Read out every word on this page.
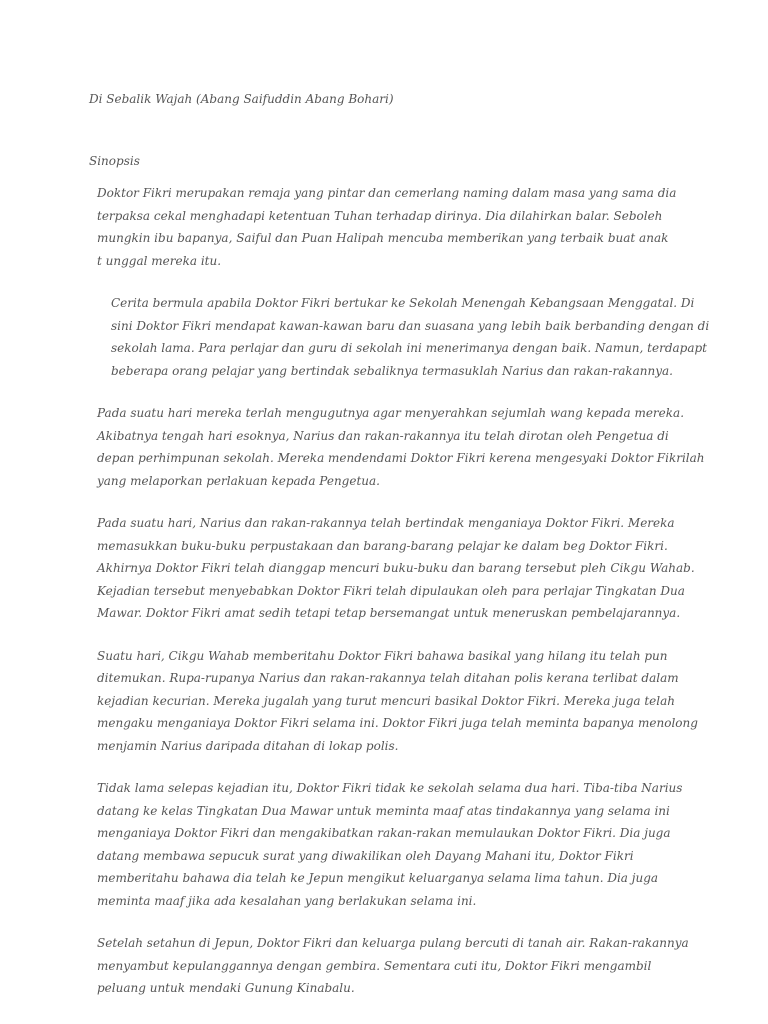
Di Sebalik Wajah (Abang Saifuddin Abang Bohari)
Sinopsis
Doktor Fikri merupakan remaja yang pintar dan cemerlang naming dalam masa yang sama dia
terpaksa cekal menghadapi ketentuan Tuhan terhadap dirinya. Dia dilahirkan balar. Seboleh
mungkin ibu bapanya, Saiful dan Puan Halipah mencuba memberikan yang terbaik buat anak
t unggal mereka itu.
Cerita bermula apabila Doktor Fikri bertukar ke Sekolah Menengah Kebangsaan Menggatal. Di
sini Doktor Fikri mendapat kawan-kawan baru dan suasana yang lebih baik berbanding dengan di
sekolah lama. Para perlajar dan guru di sekolah ini menerimanya dengan baik. Namun, terdapapt
beberapa orang pelajar yang bertindak sebaliknya termasuklah Narius dan rakan-rakannya.
Pada suatu hari mereka terlah mengugutnya agar menyerahkan sejumlah wang kepada mereka.
Akibatnya tengah hari esoknya, Narius dan rakan-rakannya itu telah dirotan oleh Pengetua di
depan perhimpunan sekolah. Mereka mendendami Doktor Fikri kerena mengesyaki Doktor Fikrilah
yang melaporkan perlakuan kepada Pengetua.
Pada suatu hari, Narius dan rakan-rakannya telah bertindak menganiaya Doktor Fikri. Mereka
memasukkan buku-buku perpustakaan dan barang-barang pelajar ke dalam beg Doktor Fikri.
Akhirnya Doktor Fikri telah dianggap mencuri buku-buku dan barang tersebut pleh Cikgu Wahab.
Kejadian tersebut menyebabkan Doktor Fikri telah dipulaukan oleh para perlajar Tingkatan Dua
Mawar. Doktor Fikri amat sedih tetapi tetap bersemangat untuk meneruskan pembelajarannya.
Suatu hari, Cikgu Wahab memberitahu Doktor Fikri bahawa basikal yang hilang itu telah pun
ditemukan. Rupa-rupanya Narius dan rakan-rakannya telah ditahan polis kerana terlibat dalam
kejadian kecurian. Mereka jugalah yang turut mencuri basikal Doktor Fikri. Mereka juga telah
mengaku menganiaya Doktor Fikri selama ini. Doktor Fikri juga telah meminta bapanya menolong
menjamin Narius daripada ditahan di lokap polis.
Tidak lama selepas kejadian itu, Doktor Fikri tidak ke sekolah selama dua hari. Tiba-tiba Narius
datang ke kelas Tingkatan Dua Mawar untuk meminta maaf atas tindakannya yang selama ini
menganiaya Doktor Fikri dan mengakibatkan rakan-rakan memulaukan Doktor Fikri. Dia juga
datang membawa sepucuk surat yang diwakilikan oleh Dayang Mahani itu, Doktor Fikri
memberitahu bahawa dia telah ke Jepun mengikut keluarganya selama lima tahun. Dia juga
meminta maaf jika ada kesalahan yang berlakukan selama ini.
Setelah setahun di Jepun, Doktor Fikri dan keluarga pulang bercuti di tanah air. Rakan-rakannya
menyambut kepulanggannya dengan gembira. Sementara cuti itu, Doktor Fikri mengambil
peluang untuk mendaki Gunung Kinabalu.
